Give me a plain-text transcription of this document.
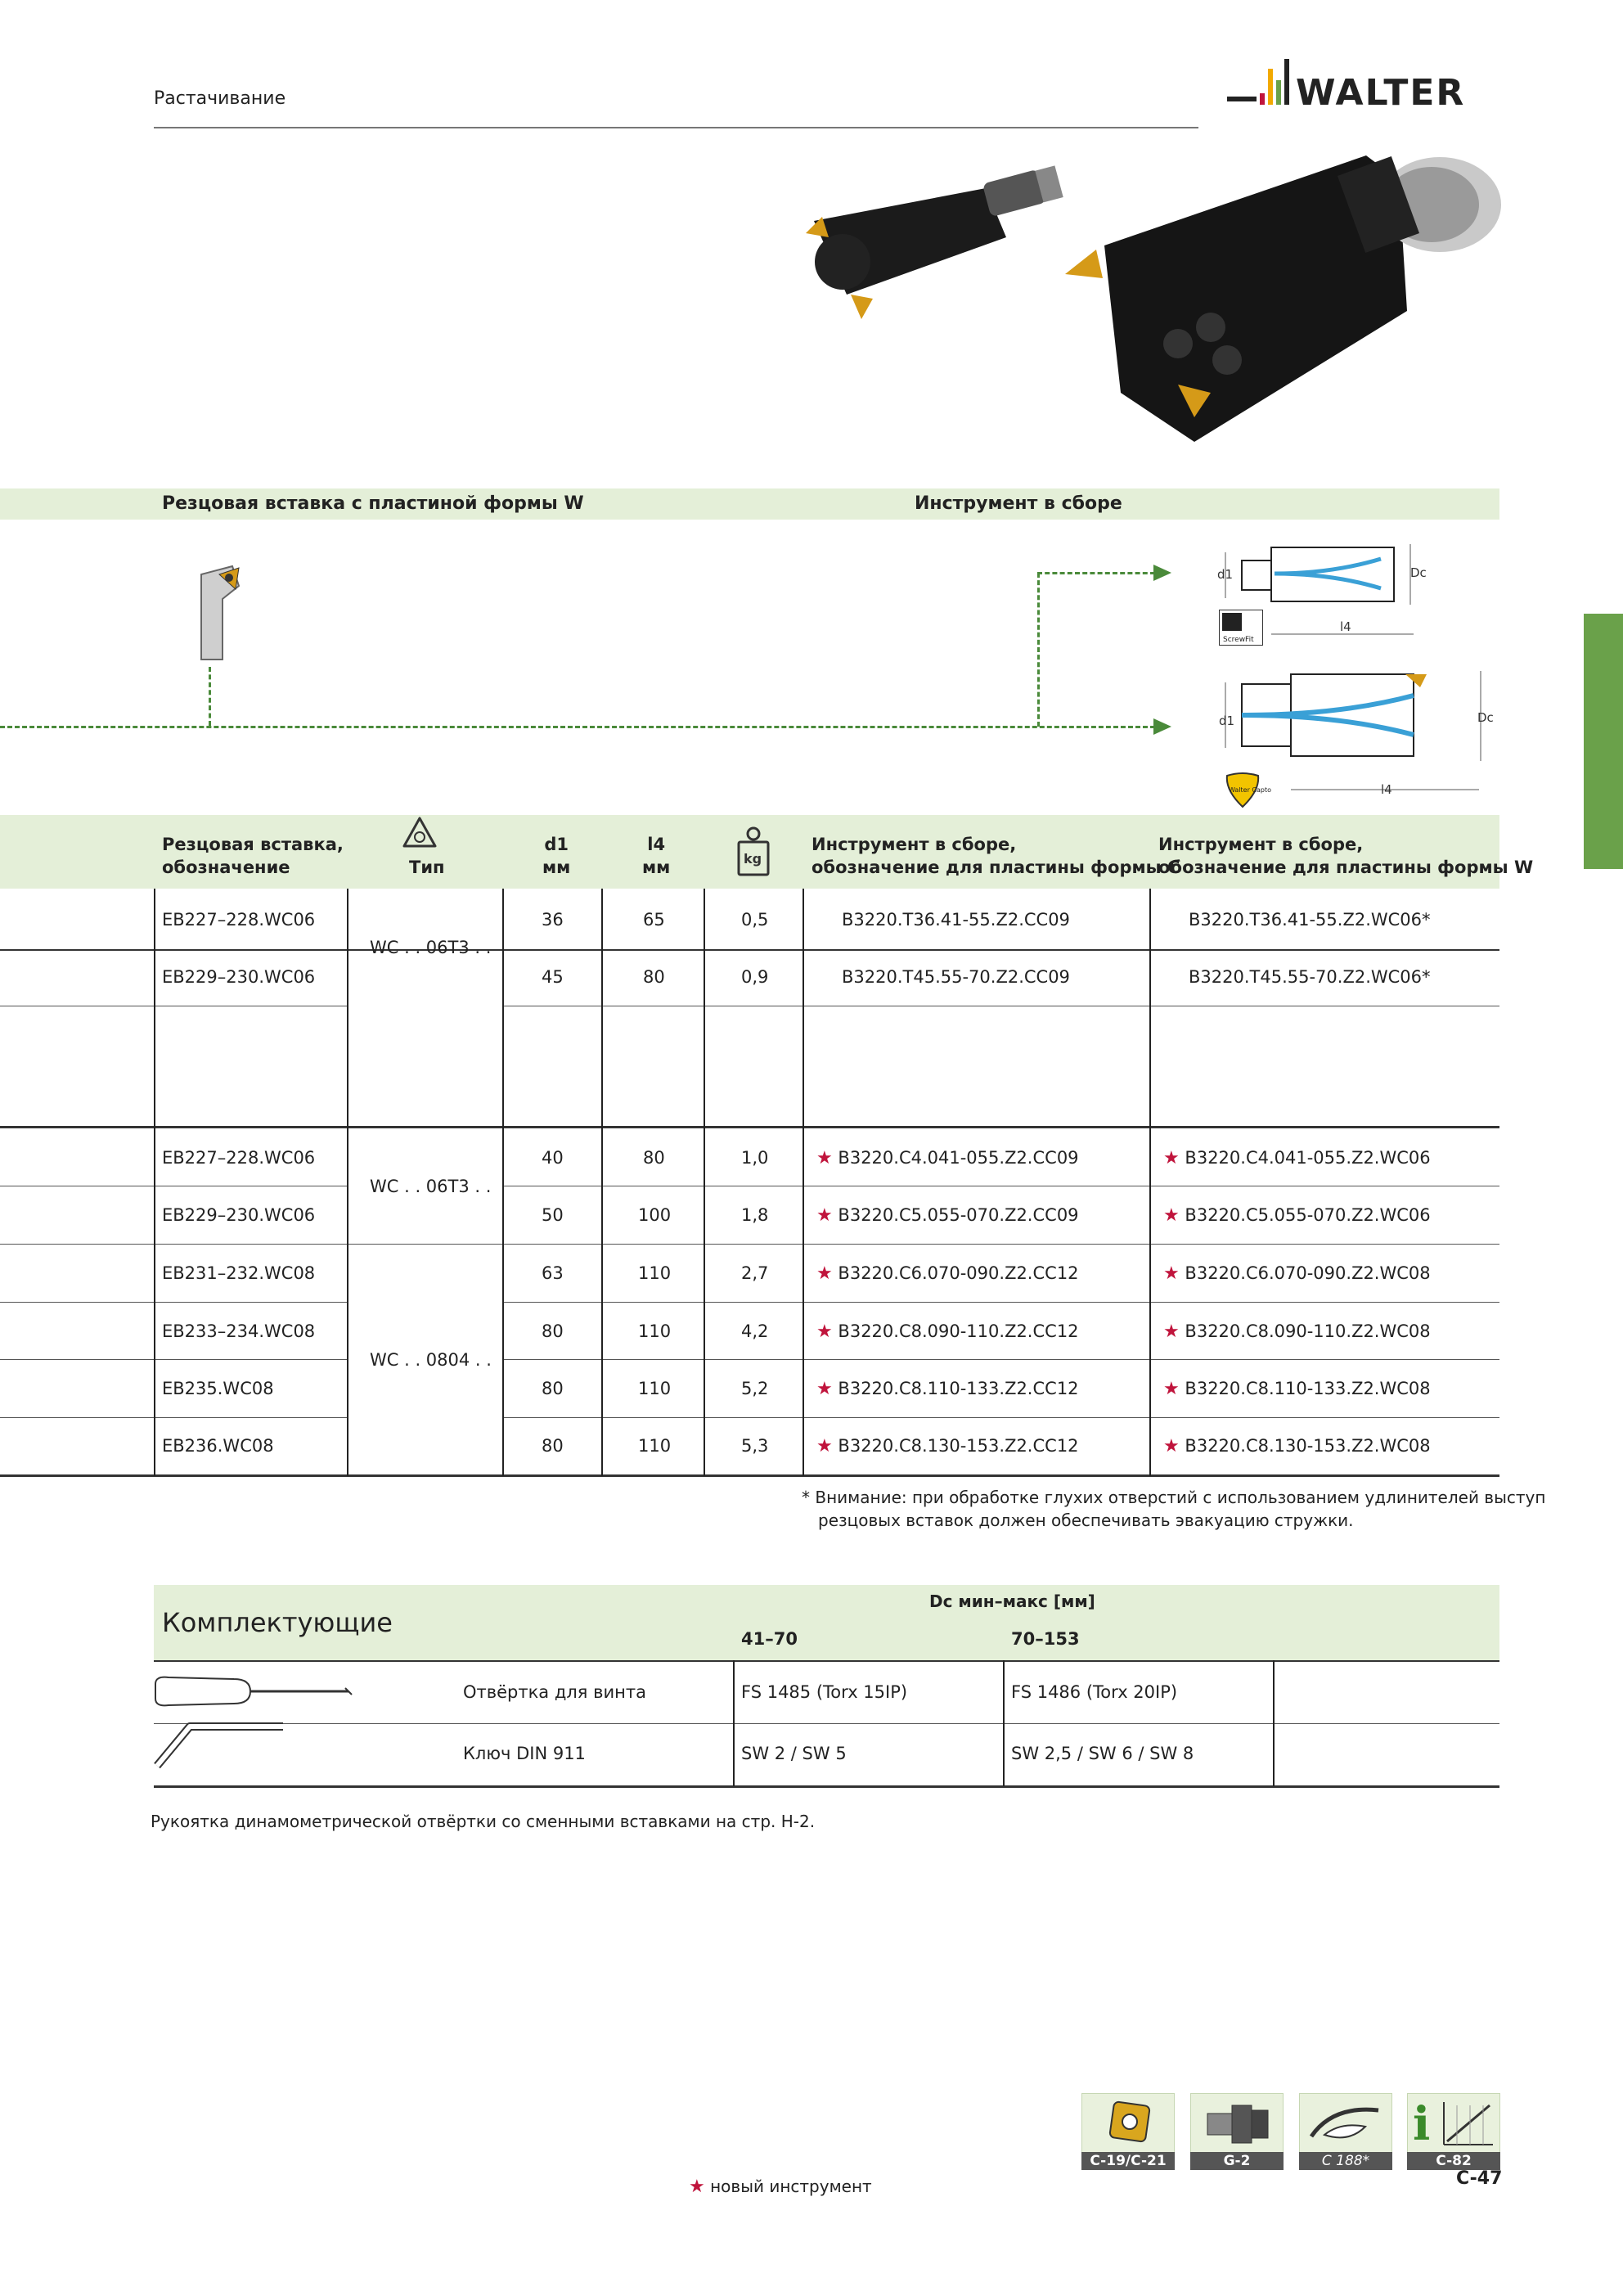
Растачивание	WALTER
Резцовая вставка с пластиной формы W	Инструмент в сборе
d1	Dc
l4
ScrewFit
d1	Dc
l4
Walter Capto
Резцовая вставка,
обозначение	Тип
d1
мм
l4
мм	kg
Инструмент в сборе,
обозначение для пластины формы C
Инструмент в сборе,
обозначение для пластины формы W
WC . . 06T3 . .
EB227–228.WC06	36	65	0,5	B3220.T36.41-55.Z2.CC09	B3220.T36.41-55.Z2.WC06*
EB229–230.WC06	45	80	0,9	B3220.T45.55-70.Z2.CC09	B3220.T45.55-70.Z2.WC06*
WC . . 06T3 . .
WC . . 0804 . .
EB227–228.WC06	40	80	1,0	★ B3220.C4.041-055.Z2.CC09	★ B3220.C4.041-055.Z2.WC06
EB229–230.WC06	50	100	1,8	★ B3220.C5.055-070.Z2.CC09	★ B3220.C5.055-070.Z2.WC06
EB231–232.WC08	63	110	2,7	★ B3220.C6.070-090.Z2.CC12	★ B3220.C6.070-090.Z2.WC08
EB233–234.WC08	80	110	4,2	★ B3220.C8.090-110.Z2.CC12	★ B3220.C8.090-110.Z2.WC08
EB235.WC08	80	110	5,2	★ B3220.C8.110-133.Z2.CC12	★ B3220.C8.110-133.Z2.WC08
EB236.WC08	80	110	5,3	★ B3220.C8.130-153.Z2.CC12	★ B3220.C8.130-153.Z2.WC08
* Внимание: при обработке глухих отверстий с использованием удлинителей выступ
резцовых вставок должен обеспечивать эвакуацию стружки.
Комплектующие
Dc мин–макс [мм]
41–70	70–153
Отвёртка для винта	FS 1485 (Torx 15IP)	FS 1486 (Torx 20IP)
Ключ DIN 911	SW 2 / SW 5	SW 2,5 / SW 6 / SW 8
Рукоятка динамометрической отвёртки со сменными вставками на стр. H-2.
C-19/C-21	G-2	C 188*
i
C-82
★ новый инструмент	C-47
